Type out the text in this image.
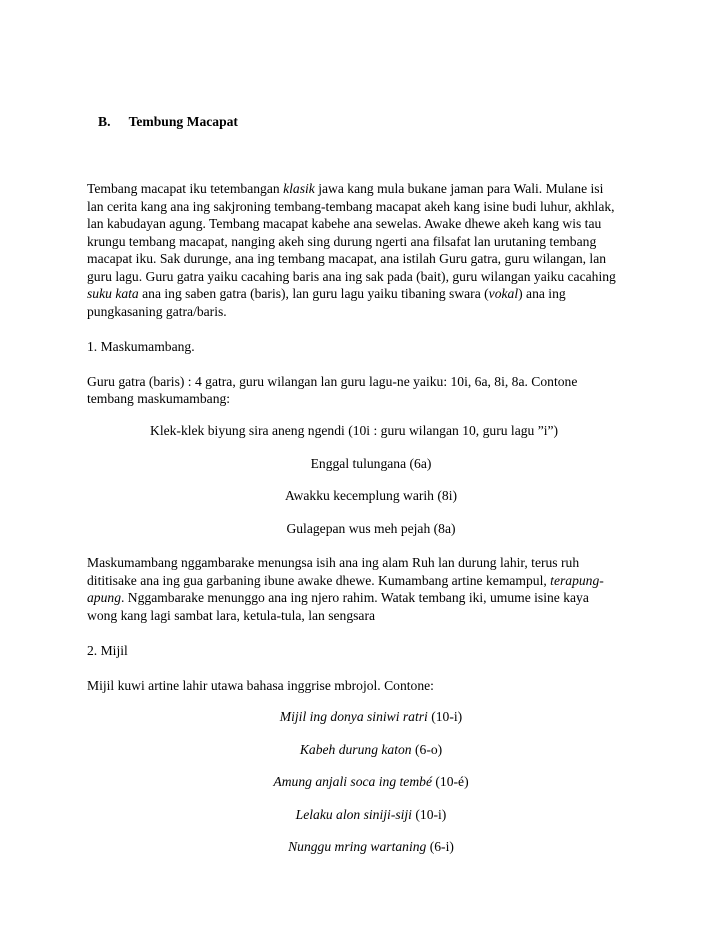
B. Tembung Macapat

Tembang macapat iku tetembangan klasik jawa kang mula bukane jaman para Wali. Mulane isi
lan cerita kang ana ing sakjroning tembang-tembang macapat akeh kang isine budi luhur, akhlak,
lan kabudayan agung. Tembang macapat kabehe ana sewelas. Awake dhewe akeh kang wis tau
krungu tembang macapat, nanging akeh sing durung ngerti ana filsafat lan urutaning tembang
macapat iku. Sak durunge, ana ing tembang macapat, ana istilah Guru gatra, guru wilangan, lan
guru lagu. Guru gatra yaiku cacahing baris ana ing sak pada (bait), guru wilangan yaiku cacahing
suku kata ana ing saben gatra (baris), lan guru lagu yaiku tibaning swara (vokal) ana ing
pungkasaning gatra/baris.

1. Maskumambang.

Guru gatra (baris) : 4 gatra, guru wilangan lan guru lagu-ne yaiku: 10i, 6a, 8i, 8a. Contone
tembang maskumambang:

Klek-klek biyung sira aneng ngendi (10i : guru wilangan 10, guru lagu ”i”)
Enggal tulungana (6a)
Awakku kecemplung warih (8i)
Gulagepan wus meh pejah (8a)

Maskumambang nggambarake menungsa isih ana ing alam Ruh lan durung lahir, terus ruh
dititisake ana ing gua garbaning ibune awake dhewe. Kumambang artine kemampul, terapung-
apung. Nggambarake menunggo ana ing njero rahim. Watak tembang iki, umume isine kaya
wong kang lagi sambat lara, ketula-tula, lan sengsara

2. Mijil

Mijil kuwi artine lahir utawa bahasa inggrise mbrojol. Contone:

Mijil ing donya siniwi ratri (10-i)
Kabeh durung katon (6-o)
Amung anjali soca ing tembé (10-é)
Lelaku alon siniji-siji (10-i)
Nunggu mring wartaning (6-i)
